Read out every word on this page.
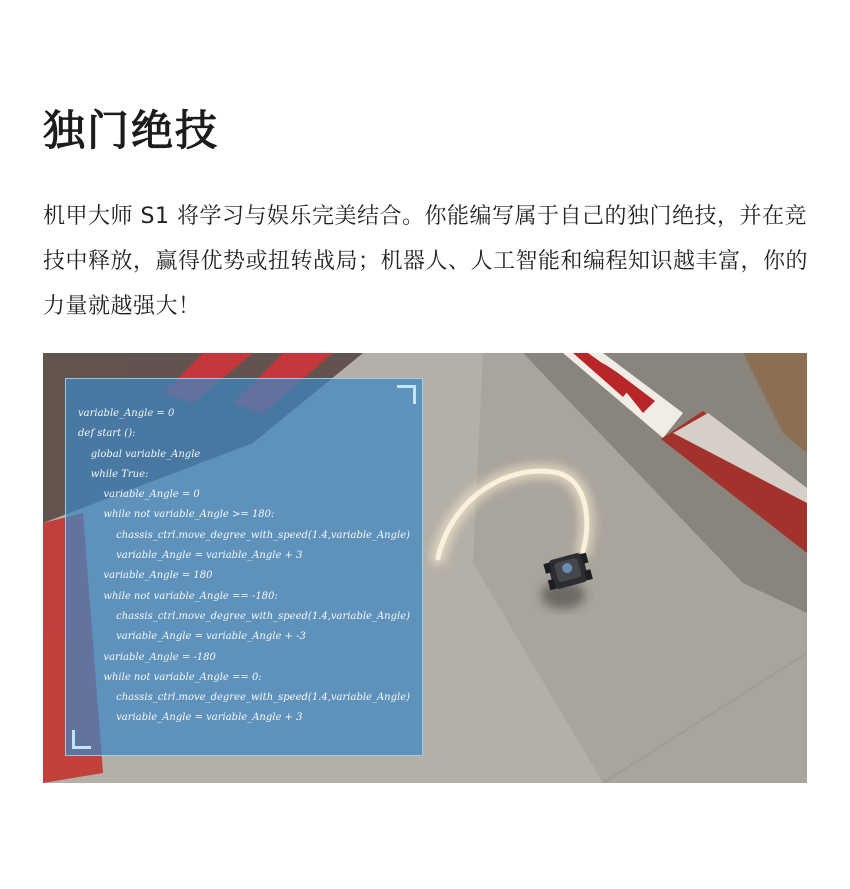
独门绝技

机甲大师 S1 将学习与娱乐完美结合。你能编写属于自己的独门绝技，并在竞技中释放，赢得优势或扭转战局；机器人、人工智能和编程知识越丰富，你的力量就越强大！

variable_Angle = 0
def start ():
global variable_Angle
while True:
variable_Angle = 0
while not variable_Angle >= 180:
chassis_ctrl.move_degree_with_speed(1.4,variable_Angle)
variable_Angle = variable_Angle + 3
variable_Angle = 180
while not variable_Angle == -180:
chassis_ctrl.move_degree_with_speed(1.4,variable_Angle)
variable_Angle = variable_Angle + -3
variable_Angle = -180
while not variable_Angle == 0:
chassis_ctrl.move_degree_with_speed(1.4,variable_Angle)
variable_Angle = variable_Angle + 3
